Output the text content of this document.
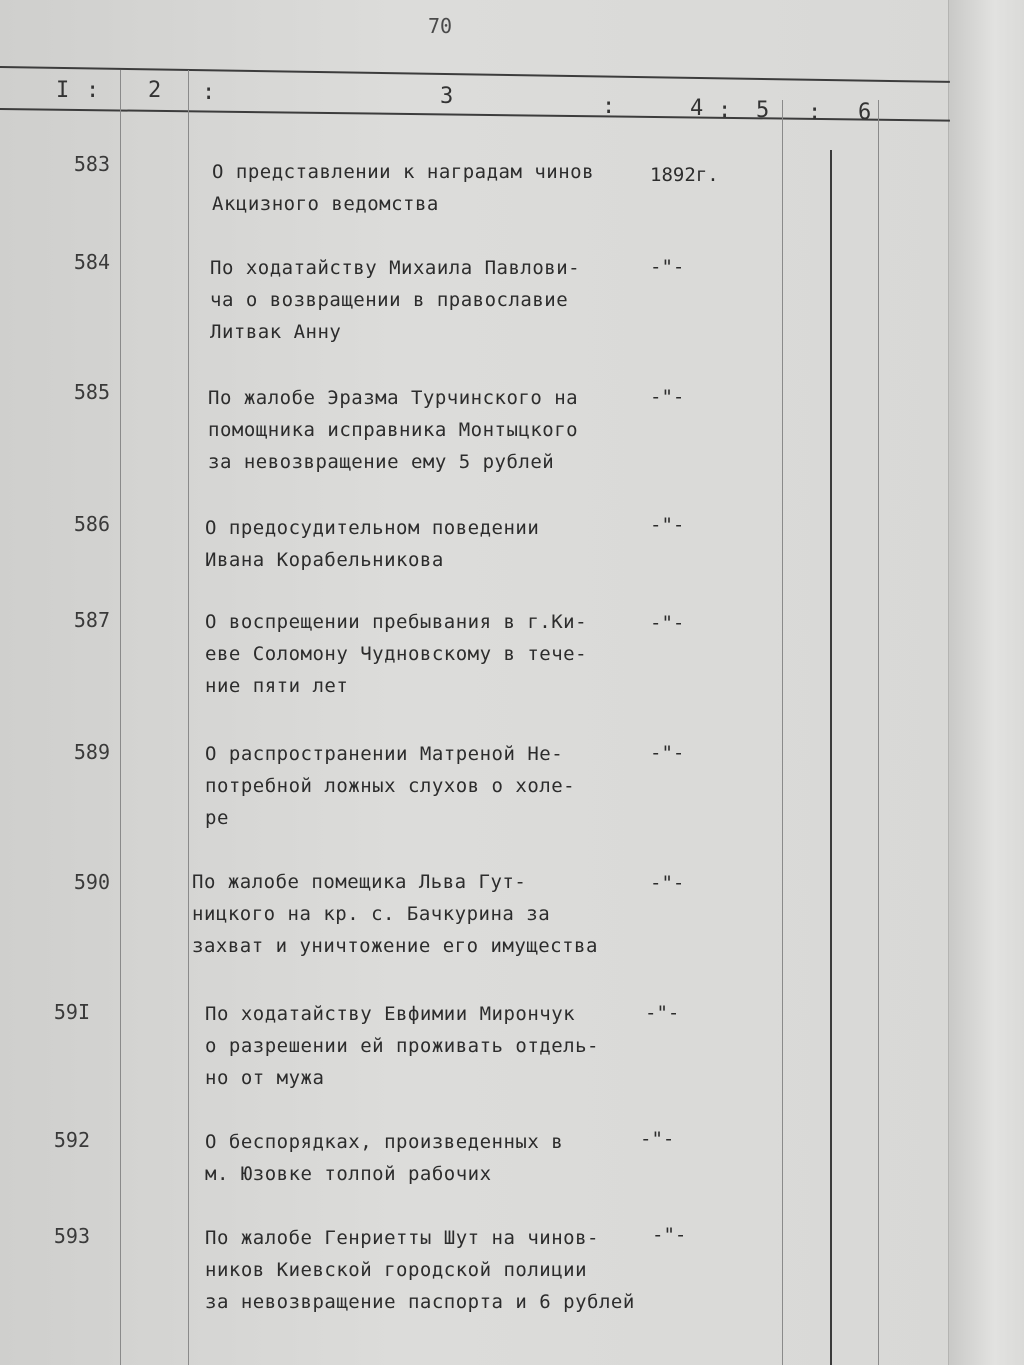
70
I : 2 :	3	:	4 : 5 : 6
583	О представлении к наградам чинов
Акцизного ведомства
1892г.
584	По ходатайству Михаила Павлови-
ча о возвращении в православие
Литвак Анну
-"-
585	По жалобе Эразма Турчинского на
помощника исправника Монтыцкого
за невозвращение ему 5 рублей
-"-
586	О предосудительном поведении
Ивана Корабельникова
-"-
587	О воспрещении пребывания в г.Ки-
еве Соломону Чудновскому в тече-
ние пяти лет
-"-
589	О распространении Матреной Не-
потребной ложных слухов о холе-
ре
-"-
590	По жалобе помещика Льва Гут-
ницкого на кр. с. Бачкурина за
захват и уничтожение его имущества
-"-
59I	По ходатайству Евфимии Мирончук
о разрешении ей проживать отдель-
но от мужа
-"-
592	О беспорядках, произведенных в
м. Юзовке толпой рабочих
-"-
593	По жалобе Генриетты Шут на чинов-
ников Киевской городской полиции
за невозвращение паспорта и 6 рублей
-"-
